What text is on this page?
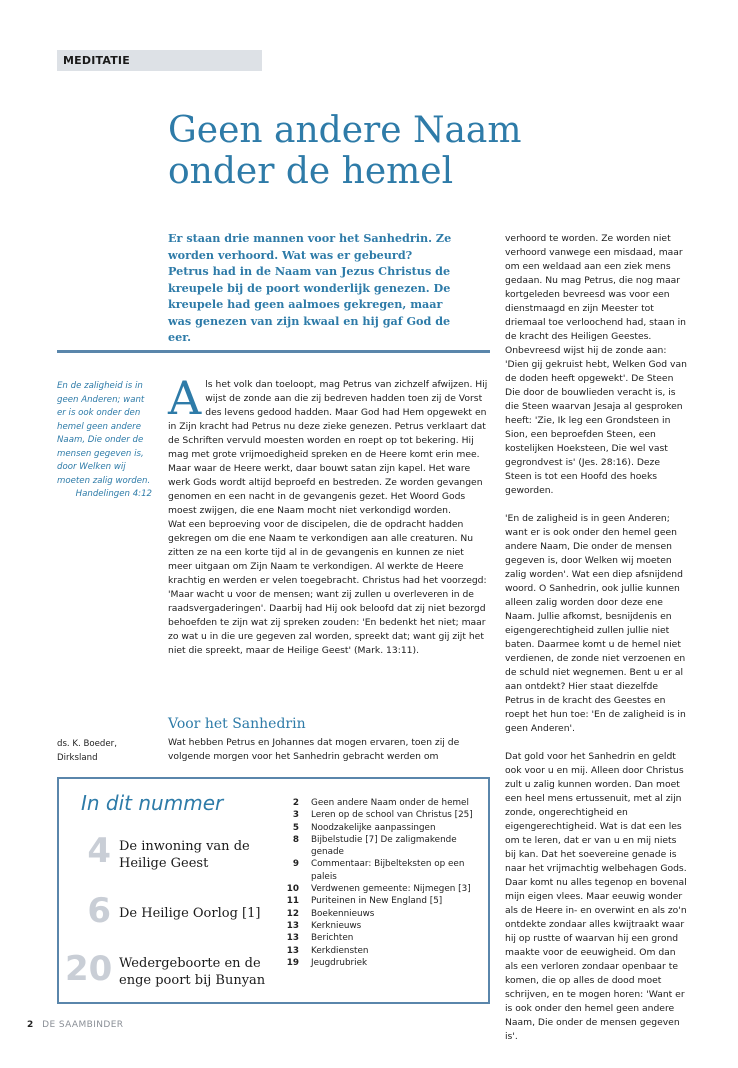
MEDITATIE
Geen andere Naam
onder de hemel

Er staan drie mannen voor het Sanhedrin. Ze worden verhoord. Wat was er gebeurd?

Petrus had in de Naam van Jezus Christus de kreupele bij de poort wonderlijk genezen. De kreupele had geen aalmoes gekregen, maar was genezen van zijn kwaal en hij gaf God de eer.

En de zaligheid is in geen Anderen; want er is ook onder den hemel geen andere Naam, Die onder de mensen gegeven is, door Welken wij moeten zalig worden.
Handelingen 4:12

Als het volk dan toeloopt, mag Petrus van zichzelf afwijzen. Hij wijst de zonde aan die zij bedreven hadden toen zij de Vorst des levens gedood hadden. Maar God had Hem opgewekt en in Zijn kracht had Petrus nu deze zieke genezen. Petrus verklaart dat de Schriften vervuld moesten worden en roept op tot bekering. Hij mag met grote vrijmoedigheid spreken en de Heere komt erin mee. Maar waar de Heere werkt, daar bouwt satan zijn kapel. Het ware werk Gods wordt altijd beproefd en bestreden. Ze worden gevangen genomen en een nacht in de gevangenis gezet. Het Woord Gods moest zwijgen, die ene Naam mocht niet verkondigd worden.

Wat een beproeving voor de discipelen, die de opdracht hadden gekregen om die ene Naam te verkondigen aan alle creaturen. Nu zitten ze na een korte tijd al in de gevangenis en kunnen ze niet meer uitgaan om Zijn Naam te verkondigen. Al werkte de Heere krachtig en werden er velen toegebracht. Christus had het voorzegd: 'Maar wacht u voor de mensen; want zij zullen u overleveren in de raadsvergaderingen'. Daarbij had Hij ook beloofd dat zij niet bezorgd behoefden te zijn wat zij spreken zouden: 'En bedenkt het niet; maar zo wat u in die ure gegeven zal worden, spreekt dat; want gij zijt het niet die spreekt, maar de Heilige Geest' (Mark. 13:11).

Voor het Sanhedrin
Wat hebben Petrus en Johannes dat mogen ervaren, toen zij de volgende morgen voor het Sanhedrin gebracht werden om
ds. K. Boeder,
Dirksland

verhoord te worden. Ze worden niet verhoord vanwege een misdaad, maar om een weldaad aan een ziek mens gedaan. Nu mag Petrus, die nog maar kortgeleden bevreesd was voor een dienstmaagd en zijn Meester tot driemaal toe verloochend had, staan in de kracht des Heiligen Geestes. Onbevreesd wijst hij de zonde aan: 'Dien gij gekruist hebt, Welken God van de doden heeft opgewekt'. De Steen Die door de bouwlieden veracht is, is die Steen waarvan Jesaja al gesproken heeft: 'Zie, Ik leg een Grondsteen in Sion, een beproefden Steen, een kostelijken Hoeksteen, Die wel vast gegrondvest is' (Jes. 28:16). Deze Steen is tot een Hoofd des hoeks geworden.

'En de zaligheid is in geen Anderen; want er is ook onder den hemel geen andere Naam, Die onder de mensen gegeven is, door Welken wij moeten zalig worden'. Wat een diep afsnijdend woord. O Sanhedrin, ook jullie kunnen alleen zalig worden door deze ene Naam. Jullie afkomst, besnijdenis en eigengerechtigheid zullen jullie niet baten. Daarmee komt u de hemel niet verdienen, de zonde niet verzoenen en de schuld niet wegnemen. Bent u er al aan ontdekt? Hier staat diezelfde Petrus in de kracht des Geestes en roept het hun toe: 'En de zaligheid is in geen Anderen'.

Dat gold voor het Sanhedrin en geldt ook voor u en mij. Alleen door Christus zult u zalig kunnen worden. Dan moet een heel mens ertussenuit, met al zijn zonde, ongerechtigheid en eigengerechtigheid. Wat is dat een les om te leren, dat er van u en mij niets bij kan. Dat het soevereine genade is naar het vrijmachtig welbehagen Gods. Daar komt nu alles tegenop en bovenal mijn eigen vlees. Maar eeuwig wonder als de Heere in- en overwint en als zo'n ontdekte zondaar alles kwijtraakt waar hij op rustte of waarvan hij een grond maakte voor de eeuwigheid. Om dan als een verloren zondaar openbaar te komen, die op alles de dood moet schrijven, en te mogen horen: 'Want er is ook onder den hemel geen andere Naam, Die onder de mensen gegeven is'.

In dit nummer
4 De inwoning van de Heilige Geest
6 De Heilige Oorlog [1]
20 Wedergeboorte en de enge poort bij Bunyan
2	Geen andere Naam onder de hemel
3	Leren op de school van Christus [25]
5	Noodzakelijke aanpassingen
8	Bijbelstudie [7] De zaligmakende genade
9	Commentaar: Bijbelteksten op een paleis
10	Verdwenen gemeente: Nijmegen [3]
11	Puriteinen in New England [5]
12	Boekennieuws
13	Kerknieuws
13	Berichten
13	Kerkdiensten
19	Jeugdrubriek
2 DE SAAMBINDER
